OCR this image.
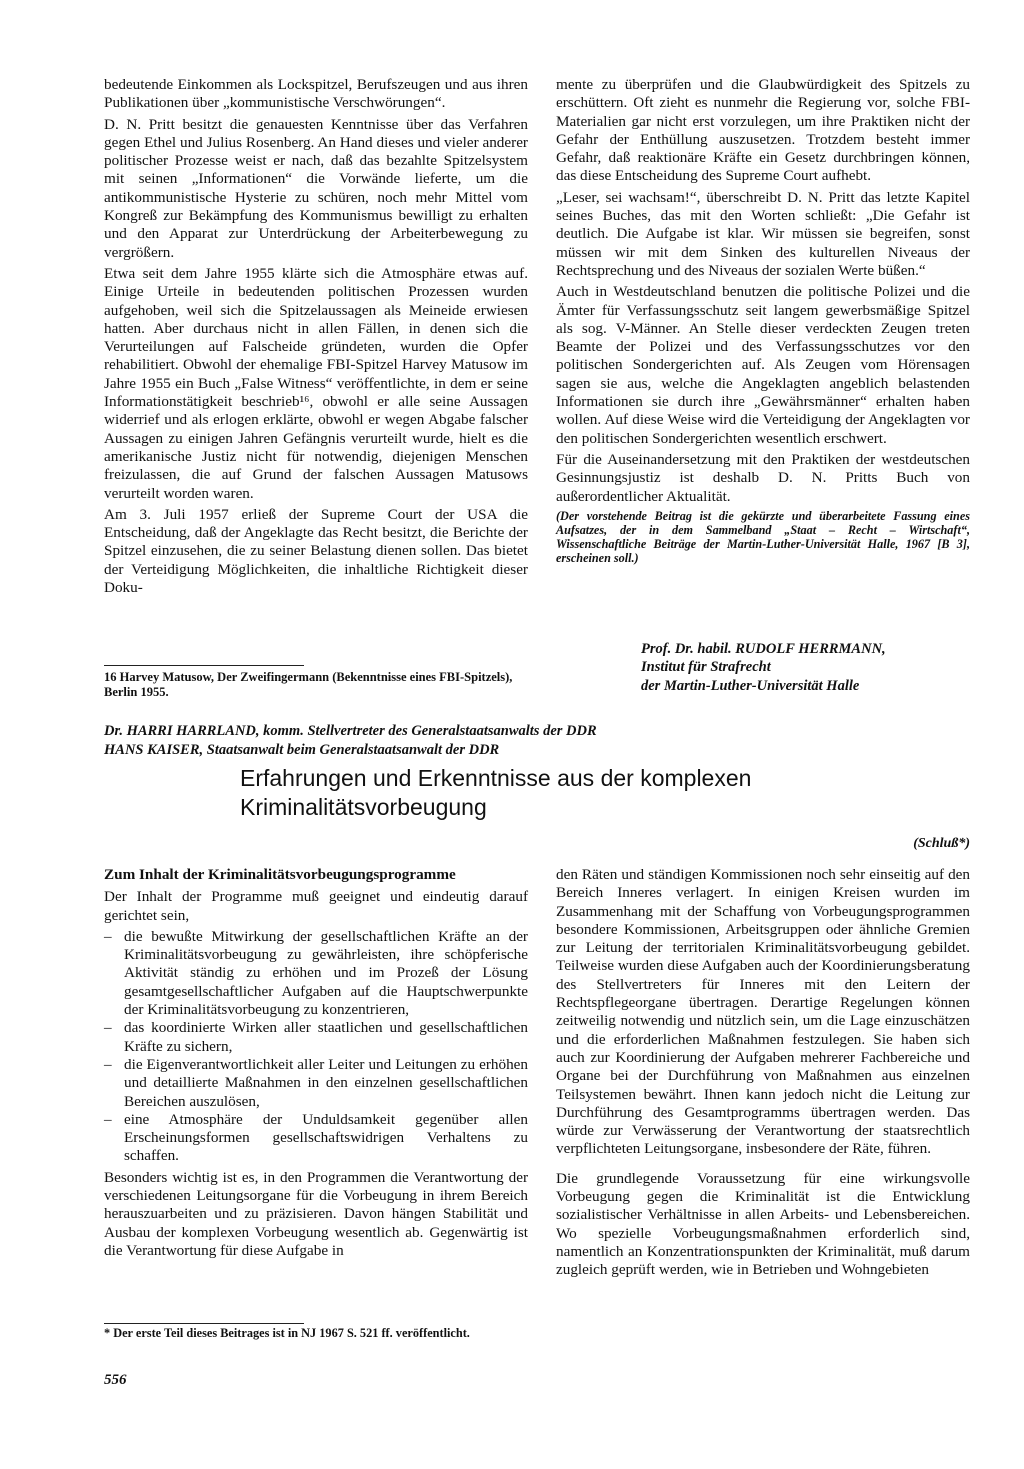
bedeutende Einkommen als Lockspitzel, Berufszeugen und aus ihren Publikationen über „kommunistische Verschwörungen“.

D. N. Pritt besitzt die genauesten Kenntnisse über das Verfahren gegen Ethel und Julius Rosenberg. An Hand dieses und vieler anderer politischer Prozesse weist er nach, daß das bezahlte Spitzelsystem mit seinen „Informationen“ die Vorwände lieferte, um die antikommunistische Hysterie zu schüren, noch mehr Mittel vom Kongreß zur Bekämpfung des Kommunismus bewilligt zu erhalten und den Apparat zur Unterdrückung der Arbeiterbewegung zu vergrößern.

Etwa seit dem Jahre 1955 klärte sich die Atmosphäre etwas auf. Einige Urteile in bedeutenden politischen Prozessen wurden aufgehoben, weil sich die Spitzelaussagen als Meineide erwiesen hatten. Aber durchaus nicht in allen Fällen, in denen sich die Verurteilungen auf Falscheide gründeten, wurden die Opfer rehabilitiert. Obwohl der ehemalige FBI-Spitzel Harvey Matusow im Jahre 1955 ein Buch „False Witness“ veröffentlichte, in dem er seine Informationstätigkeit beschrieb¹⁶, obwohl er alle seine Aussagen widerrief und als erlogen erklärte, obwohl er wegen Abgabe falscher Aussagen zu einigen Jahren Gefängnis verurteilt wurde, hielt es die amerikanische Justiz nicht für notwendig, diejenigen Menschen freizulassen, die auf Grund der falschen Aussagen Matusows verurteilt worden waren.

Am 3. Juli 1957 erließ der Supreme Court der USA die Entscheidung, daß der Angeklagte das Recht besitzt, die Berichte der Spitzel einzusehen, die zu seiner Belastung dienen sollen. Das bietet der Verteidigung Möglichkeiten, die inhaltliche Richtigkeit dieser Doku-

16 Harvey Matusow, Der Zweifingermann (Bekenntnisse eines FBI-Spitzels), Berlin 1955.

mente zu überprüfen und die Glaubwürdigkeit des Spitzels zu erschüttern. Oft zieht es nunmehr die Regierung vor, solche FBI-Materialien gar nicht erst vorzulegen, um ihre Praktiken nicht der Gefahr der Enthüllung auszusetzen. Trotzdem besteht immer Gefahr, daß reaktionäre Kräfte ein Gesetz durchbringen können, das diese Entscheidung des Supreme Court aufhebt.

„Leser, sei wachsam!“, überschreibt D. N. Pritt das letzte Kapitel seines Buches, das mit den Worten schließt: „Die Gefahr ist deutlich. Die Aufgabe ist klar. Wir müssen sie begreifen, sonst müssen wir mit dem Sinken des kulturellen Niveaus der Rechtsprechung und des Niveaus der sozialen Werte büßen.“

Auch in Westdeutschland benutzen die politische Polizei und die Ämter für Verfassungsschutz seit langem gewerbsmäßige Spitzel als sog. V-Männer. An Stelle dieser verdeckten Zeugen treten Beamte der Polizei und des Verfassungsschutzes vor den politischen Sondergerichten auf. Als Zeugen vom Hörensagen sagen sie aus, welche die Angeklagten angeblich belastenden Informationen sie durch ihre „Gewährsmänner“ erhalten haben wollen. Auf diese Weise wird die Verteidigung der Angeklagten vor den politischen Sondergerichten wesentlich erschwert.

Für die Auseinandersetzung mit den Praktiken der westdeutschen Gesinnungsjustiz ist deshalb D. N. Pritts Buch von außerordentlicher Aktualität.

(Der vorstehende Beitrag ist die gekürzte und überarbeitete Fassung eines Aufsatzes, der in dem Sammelband „Staat – Recht – Wirtschaft“, Wissenschaftliche Beiträge der Martin-Luther-Universität Halle, 1967 [B 3], erscheinen soll.)

Prof. Dr. habil. RUDOLF HERRMANN,
Institut für Strafrecht
der Martin-Luther-Universität Halle
Dr. HARRI HARRLAND, komm. Stellvertreter des Generalstaatsanwalts der DDR
HANS KAISER, Staatsanwalt beim Generalstaatsanwalt der DDR
Erfahrungen und Erkenntnisse aus der komplexen
Kriminalitätsvorbeugung
(Schluß*)

Zum Inhalt der Kriminalitätsvorbeugungsprogramme

Der Inhalt der Programme muß geeignet und eindeutig darauf gerichtet sein,

– die bewußte Mitwirkung der gesellschaftlichen Kräfte an der Kriminalitätsvorbeugung zu gewährleisten, ihre schöpferische Aktivität ständig zu erhöhen und im Prozeß der Lösung gesamtgesellschaftlicher Aufgaben auf die Hauptschwerpunkte der Kriminalitätsvorbeugung zu konzentrieren,
– das koordinierte Wirken aller staatlichen und gesellschaftlichen Kräfte zu sichern,
– die Eigenverantwortlichkeit aller Leiter und Leitungen zu erhöhen und detaillierte Maßnahmen in den einzelnen gesellschaftlichen Bereichen auszulösen,
– eine Atmosphäre der Unduldsamkeit gegenüber allen Erscheinungsformen gesellschaftswidrigen Verhaltens zu schaffen.

Besonders wichtig ist es, in den Programmen die Verantwortung der verschiedenen Leitungsorgane für die Vorbeugung in ihrem Bereich herauszuarbeiten und zu präzisieren. Davon hängen Stabilität und Ausbau der komplexen Vorbeugung wesentlich ab. Gegenwärtig ist die Verantwortung für diese Aufgabe in

* Der erste Teil dieses Beitrages ist in NJ 1967 S. 521 ff. veröffentlicht.

den Räten und ständigen Kommissionen noch sehr einseitig auf den Bereich Inneres verlagert. In einigen Kreisen wurden im Zusammenhang mit der Schaffung von Vorbeugungsprogrammen besondere Kommissionen, Arbeitsgruppen oder ähnliche Gremien zur Leitung der territorialen Kriminalitätsvorbeugung gebildet. Teilweise wurden diese Aufgaben auch der Koordinierungsberatung des Stellvertreters für Inneres mit den Leitern der Rechtspflegeorgane übertragen. Derartige Regelungen können zeitweilig notwendig und nützlich sein, um die Lage einzuschätzen und die erforderlichen Maßnahmen festzulegen. Sie haben sich auch zur Koordinierung der Aufgaben mehrerer Fachbereiche und Organe bei der Durchführung von Maßnahmen aus einzelnen Teilsystemen bewährt. Ihnen kann jedoch nicht die Leitung zur Durchführung des Gesamtprogramms übertragen werden. Das würde zur Verwässerung der Verantwortung der staatsrechtlich verpflichteten Leitungsorgane, insbesondere der Räte, führen.

Die grundlegende Voraussetzung für eine wirkungsvolle Vorbeugung gegen die Kriminalität ist die Entwicklung sozialistischer Verhältnisse in allen Arbeits- und Lebensbereichen. Wo spezielle Vorbeugungsmaßnahmen erforderlich sind, namentlich an Konzentrationspunkten der Kriminalität, muß darum zugleich geprüft werden, wie in Betrieben und Wohngebieten

556
